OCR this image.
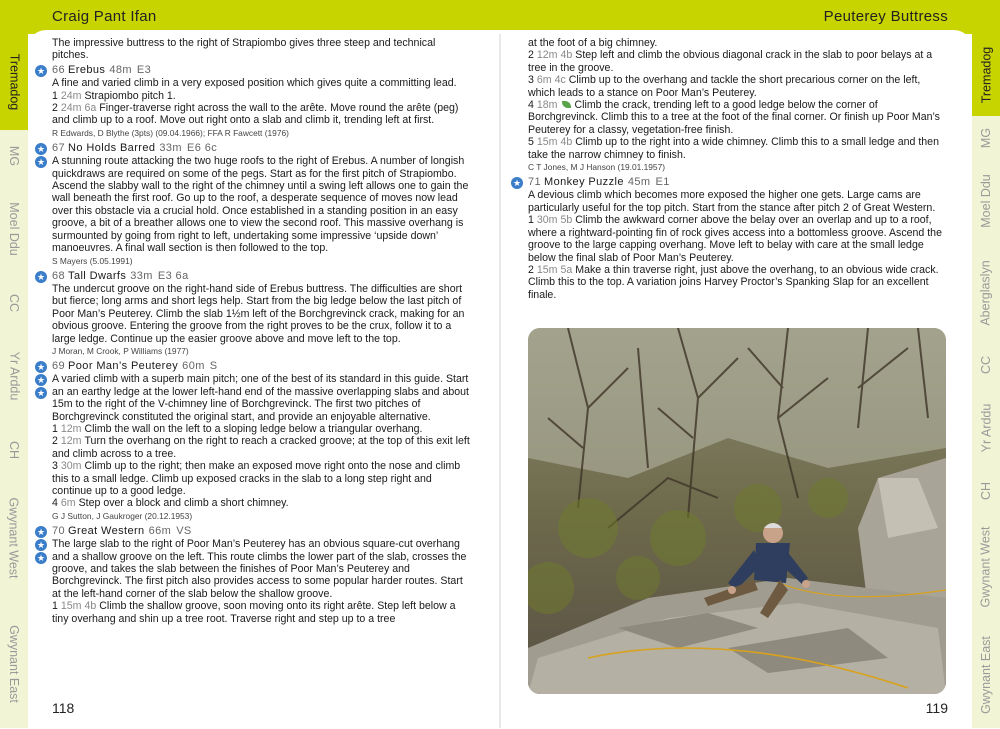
Craig Pant Ifan	Peuterey Buttress
Tremadog
MG
Moel Ddu
CC
Yr Arddu
CH
Gwynant West
Gwynant East
Tremadog
MG
Moel Ddu
Aberglaslyn
CC
Yr Arddu
CH
Gwynant West
Gwynant East

The impressive buttress to the right of Strapiombo gives three steep and technical pitches.

★ 66 Erebus 48m E3

A fine and varied climb in a very exposed position which gives quite a committing lead.

1 24m Strapiombo pitch 1.

2 24m 6a Finger-traverse right across the wall to the arête. Move round the arête (peg) and climb up to a roof. Move out right onto a slab and climb it, trending left at first.

R Edwards, D Blythe (3pts) (09.04.1966); FFA R Fawcett (1976)
★
★
67 No Holds Barred 33m E6 6c

A stunning route attacking the two huge roofs to the right of Erebus. A number of longish quickdraws are required on some of the pegs. Start as for the first pitch of Strapiombo. Ascend the slabby wall to the right of the chimney until a swing left allows one to gain the wall beneath the first roof. Go up to the roof, a desperate sequence of moves now lead over this obstacle via a crucial hold. Once established in a standing position in an easy groove, a bit of a breather allows one to view the second roof. This massive overhang is surmounted by going from right to left, undertaking some impressive ‘upside down’ manoeuvres. A final wall section is then followed to the top.

S Mayers (5.05.1991)
★ 68 Tall Dwarfs 33m E3 6a

The undercut groove on the right-hand side of Erebus buttress. The difficulties are short but fierce; long arms and short legs help. Start from the big ledge below the last pitch of Poor Man’s Peuterey. Climb the slab 1½m left of the Borchgrevinck crack, making for an obvious groove. Entering the groove from the right proves to be the crux, follow it to a large ledge. Continue up the easier groove above and move left to the top.

J Moran, M Crook, P Williams (1977)
★
★
★
69 Poor Man’s Peuterey 60m S

A varied climb with a superb main pitch; one of the best of its standard in this guide. Start an an earthy ledge at the lower left-hand end of the massive overlapping slabs and about 15m to the right of the V-chimney line of Borchgrevinck. The first two pitches of Borchgrevinck constituted the original start, and provide an enjoyable alternative.

1 12m Climb the wall on the left to a sloping ledge below a triangular overhang.

2 12m Turn the overhang on the right to reach a cracked groove; at the top of this exit left and climb across to a tree.

3 30m Climb up to the right; then make an exposed move right onto the nose and climb this to a small ledge. Climb up exposed cracks in the slab to a long step right and continue up to a good ledge.

4 6m Step over a block and climb a short chimney.

G J Sutton, J Gaukroger (20.12.1953)
★
★
★
70 Great Western 66m VS

The large slab to the right of Poor Man’s Peuterey has an obvious square-cut overhang and a shallow groove on the left. This route climbs the lower part of the slab, crosses the groove, and takes the slab between the finishes of Poor Man’s Peuterey and Borchgrevinck. The first pitch also provides access to some popular harder routes. Start at the left-hand corner of the slab below the shallow groove.

1 15m 4b Climb the shallow groove, soon moving onto its right arête. Step left below a tiny overhang and shin up a tree root. Traverse right and step up to a tree

at the foot of a big chimney.

2 12m 4b Step left and climb the obvious diagonal crack in the slab to poor belays at a tree in the groove.

3 6m 4c Climb up to the overhang and tackle the short precarious corner on the left, which leads to a stance on Poor Man’s Peuterey.

4 18m Climb the crack, trending left to a good ledge below the corner of Borchgrevinck. Climb this to a tree at the foot of the final corner. Or finish up Poor Man’s Peuterey for a classy, vegetation-free finish.

5 15m 4b Climb up to the right into a wide chimney. Climb this to a small ledge and then take the narrow chimney to finish.

C T Jones, M J Hanson (19.01.1957)
★ 71 Monkey Puzzle 45m E1

A devious climb which becomes more exposed the higher one gets. Large cams are particularly useful for the top pitch. Start from the stance after pitch 2 of Great Western.

1 30m 5b Climb the awkward corner above the belay over an overlap and up to a roof, where a rightward-pointing fin of rock gives access into a bottomless groove. Ascend the groove to the large capping overhang. Move left to belay with care at the small ledge below the final slab of Poor Man’s Peuterey.

2 15m 5a Make a thin traverse right, just above the overhang, to an obvious wide crack. Climb this to the top. A variation joins Harvey Proctor’s Spanking Slap for an excellent finale.

118	119
